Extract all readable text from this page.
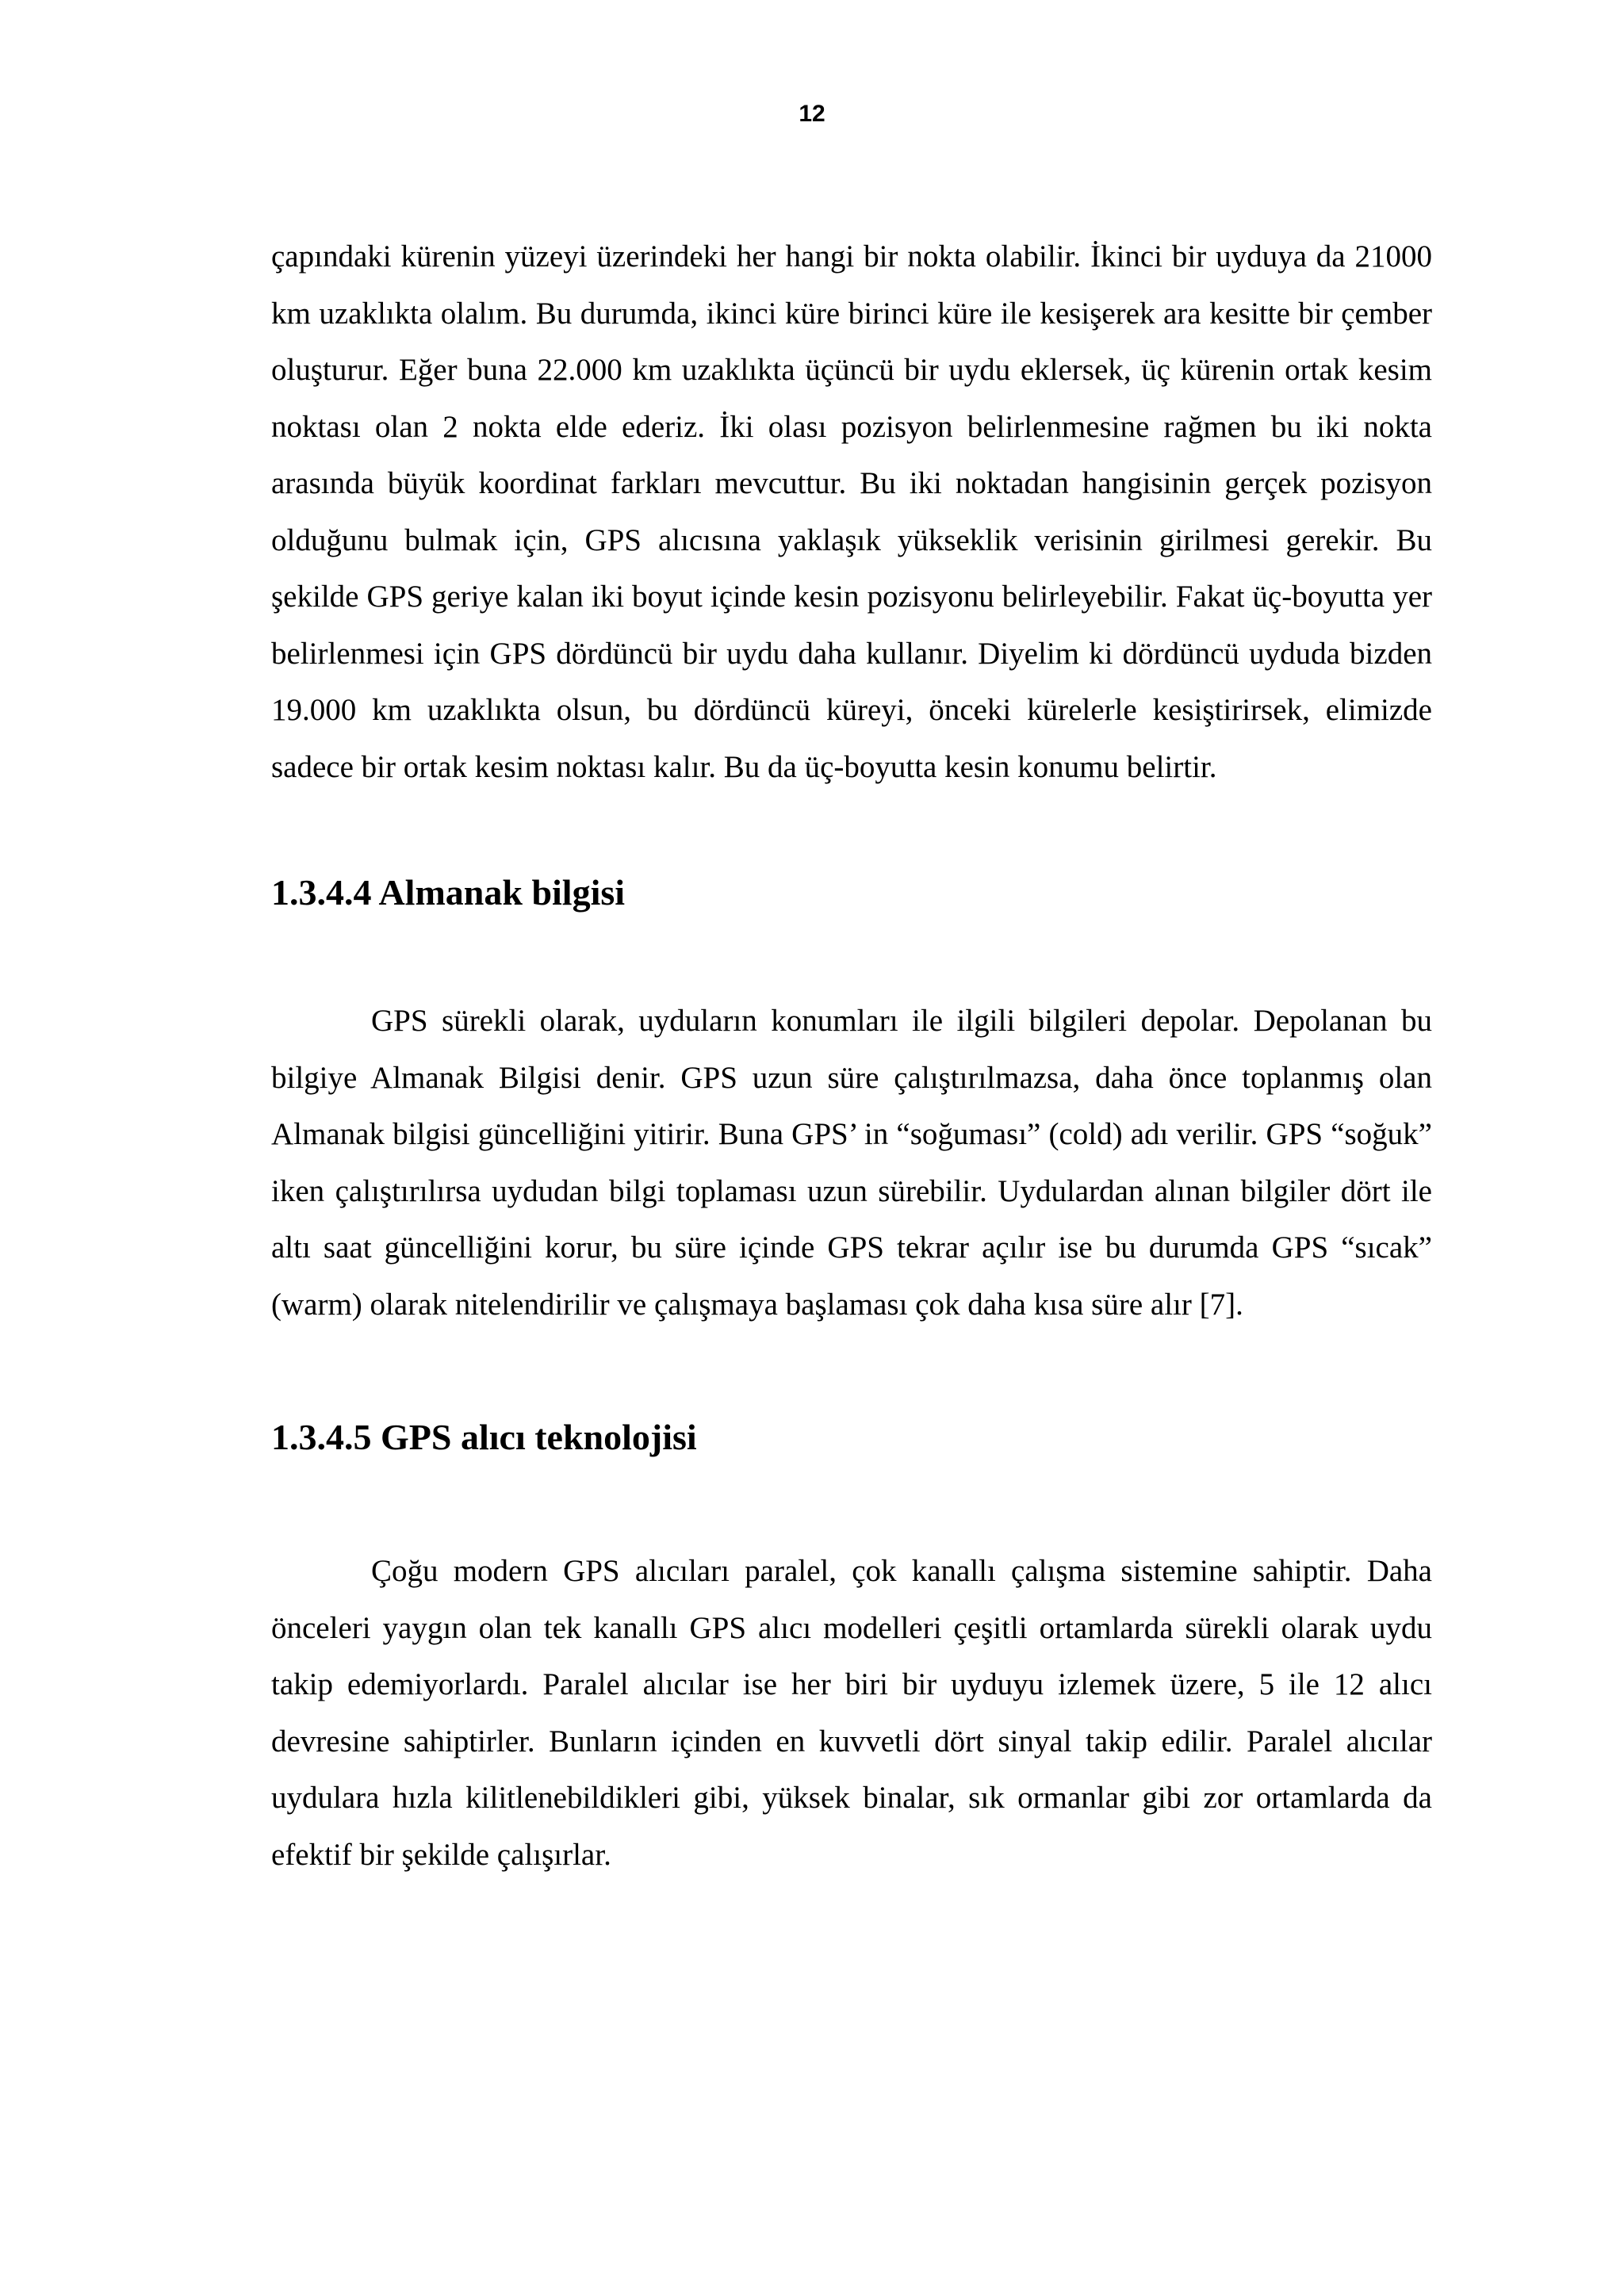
12

çapındaki kürenin yüzeyi üzerindeki her hangi bir nokta olabilir. İkinci bir uyduya da 21000 km uzaklıkta olalım. Bu durumda, ikinci küre birinci küre ile kesişerek ara kesitte bir çember oluşturur. Eğer buna 22.000 km uzaklıkta üçüncü bir uydu eklersek, üç kürenin ortak kesim noktası olan 2 nokta elde ederiz. İki olası pozisyon belirlenmesine rağmen bu iki nokta arasında büyük koordinat farkları mevcuttur. Bu iki noktadan hangisinin gerçek pozisyon olduğunu bulmak için, GPS alıcısına yaklaşık yükseklik verisinin girilmesi gerekir. Bu şekilde GPS geriye kalan iki boyut içinde kesin pozisyonu belirleyebilir. Fakat üç-boyutta yer belirlenmesi için GPS dördüncü bir uydu daha kullanır. Diyelim ki dördüncü uyduda bizden 19.000 km uzaklıkta olsun, bu dördüncü küreyi, önceki kürelerle kesiştirirsek, elimizde sadece bir ortak kesim noktası kalır. Bu da üç-boyutta kesin konumu belirtir.

1.3.4.4 Almanak bilgisi

GPS sürekli olarak, uyduların konumları ile ilgili bilgileri depolar. Depolanan bu bilgiye Almanak Bilgisi denir. GPS uzun süre çalıştırılmazsa, daha önce toplanmış olan Almanak bilgisi güncelliğini yitirir. Buna GPS’ in “soğuması” (cold) adı verilir. GPS “soğuk” iken çalıştırılırsa uydudan bilgi toplaması uzun sürebilir. Uydulardan alınan bilgiler dört ile altı saat güncelliğini korur, bu süre içinde GPS tekrar açılır ise bu durumda GPS “sıcak” (warm) olarak nitelendirilir ve çalışmaya başlaması çok daha kısa süre alır [7].

1.3.4.5 GPS alıcı teknolojisi

Çoğu modern GPS alıcıları paralel, çok kanallı çalışma sistemine sahiptir. Daha önceleri yaygın olan tek kanallı GPS alıcı modelleri çeşitli ortamlarda sürekli olarak uydu takip edemiyorlardı. Paralel alıcılar ise her biri bir uyduyu izlemek üzere, 5 ile 12 alıcı devresine sahiptirler. Bunların içinden en kuvvetli dört sinyal takip edilir. Paralel alıcılar uydulara hızla kilitlenebildikleri gibi, yüksek binalar, sık ormanlar gibi zor ortamlarda da efektif bir şekilde çalışırlar.
